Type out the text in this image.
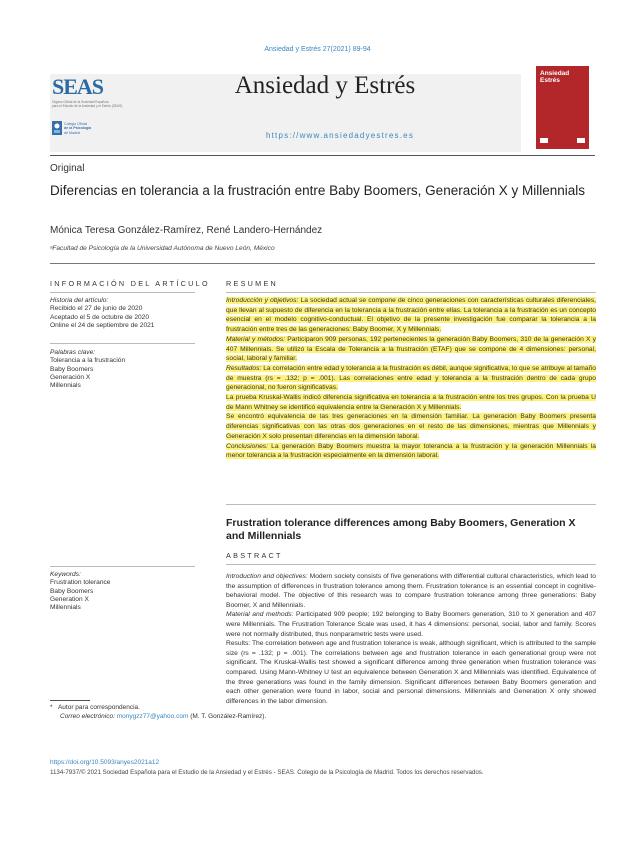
Ansiedad y Estrés 27(2021) 89-94
SEAS
Organo Oficial de la Sociedad Española
para el Estudio de la Ansiedad y el Estrés (SEAS)
Colegio Oficial
de la Psicología
de Madrid
Ansiedad y Estrés
https://www.ansiedadyestres.es
Ansiedad
Estrés
Original
Diferencias en tolerancia a la frustración entre Baby Boomers, Generación X y Millennials
Mónica Teresa González-Ramírez, René Landero-Hernández
ᵃFacultad de Psicología de la Universidad Autónoma de Nuevo León, México
INFORMACIÓN DEL ARTÍCULO
Historia del artículo:
Recibido el 27 de junio de 2020
Aceptado el 5 de octubre de 2020
Online el 24 de septiembre de 2021
Palabras clave:
Tolerancia a la frustración
Baby Boomers
Generación X
Millennials
RESUMEN
Introducción y objetivos: La sociedad actual se compone de cinco generaciones con características culturales diferenciales, que llevan al supuesto de diferencia en la tolerancia a la frustración entre ellas. La tolerancia a la frustración es un concepto esencial en el modelo cognitivo-conductual. El objetivo de la presente investigación fue comparar la tolerancia a la frustración entre tres de las generaciones: Baby Boomer, X y Millennials.
Material y métodos: Participaron 909 personas, 192 pertenecientes la generación Baby Boomers, 310 de la generación X y 407 Millennials. Se utilizó la Escala de Tolerancia a la frustración (ETAF) que se compone de 4 dimensiones: personal, social, laboral y familiar.
Resultados: La correlación entre edad y tolerancia a la frustración es débil, aunque significativa, lo que se atribuye al tamaño de muestra (rs = .132; p = .001). Las correlaciones entre edad y tolerancia a la frustración dentro de cada grupo generacional, no fueron significativas.
La prueba Kruskal-Wallis indicó diferencia significativa en tolerancia a la frustración entre los tres grupos. Con la prueba U de Mann Whitney se identificó equivalencia entre la Generación X y Millennials.
Se encontró equivalencia de las tres generaciones en la dimensión familiar. La generación Baby Boomers presenta diferencias significativas con las otras dos generaciones en el resto de las dimensiones, mientras que Millennials y Generación X solo presentan diferencias en la dimensión laboral.
Conclusiones: La generación Baby Boomers muestra la mayor tolerancia a la frustración y la generación Millennials la menor tolerancia a la frustración especialmente en la dimensión laboral.
Frustration tolerance differences among Baby Boomers, Generation X and Millennials
ABSTRACT
Introduction and objectives: Modern society consists of five generations with differential cultural characteristics, which lead to the assumption of differences in frustration tolerance among them. Frustration tolerance is an essential concept in cognitive-behavioral model. The objective of this research was to compare frustration tolerance among three generations: Baby Boomer, X and Millennials.
Material and methods: Participated 909 people; 192 belonging to Baby Boomers generation, 310 to X generation and 407 were Millennials. The Frustration Tolerance Scale was used, it has 4 dimensions: personal, social, labor and family. Scores were not normally distributed, thus nonparametric tests were used.
Results: The correlation between age and frustration tolerance is weak, although significant, which is attributed to the sample size (rs = .132; p = .001). The correlations between age and frustration tolerance in each generational group were not significant. The Kruskal-Wallis test showed a significant difference among three generation when frustration tolerance was compared. Using Mann-Whitney U test an equivalence between Generation X and Millennials was identified. Equivalence of the three generations was found in the family dimension. Significant differences between Baby Boomers generation and each other generation were found in labor, social and personal dimensions. Millennials and Generation X only showed differences in the labor dimension.
Keywords:
Frustration tolerance
Baby Boomers
Generation X
Millennials
* Autor para correspondencia.
Correo electrónico: monygzz77@yahoo.com (M. T. González-Ramírez).
https://doi.org/10.5093/anyes2021a12
1134-7937/© 2021 Sociedad Española para el Estudio de la Ansiedad y el Estrés - SEAS. Colegio de la Psicología de Madrid. Todos los derechos reservados.
